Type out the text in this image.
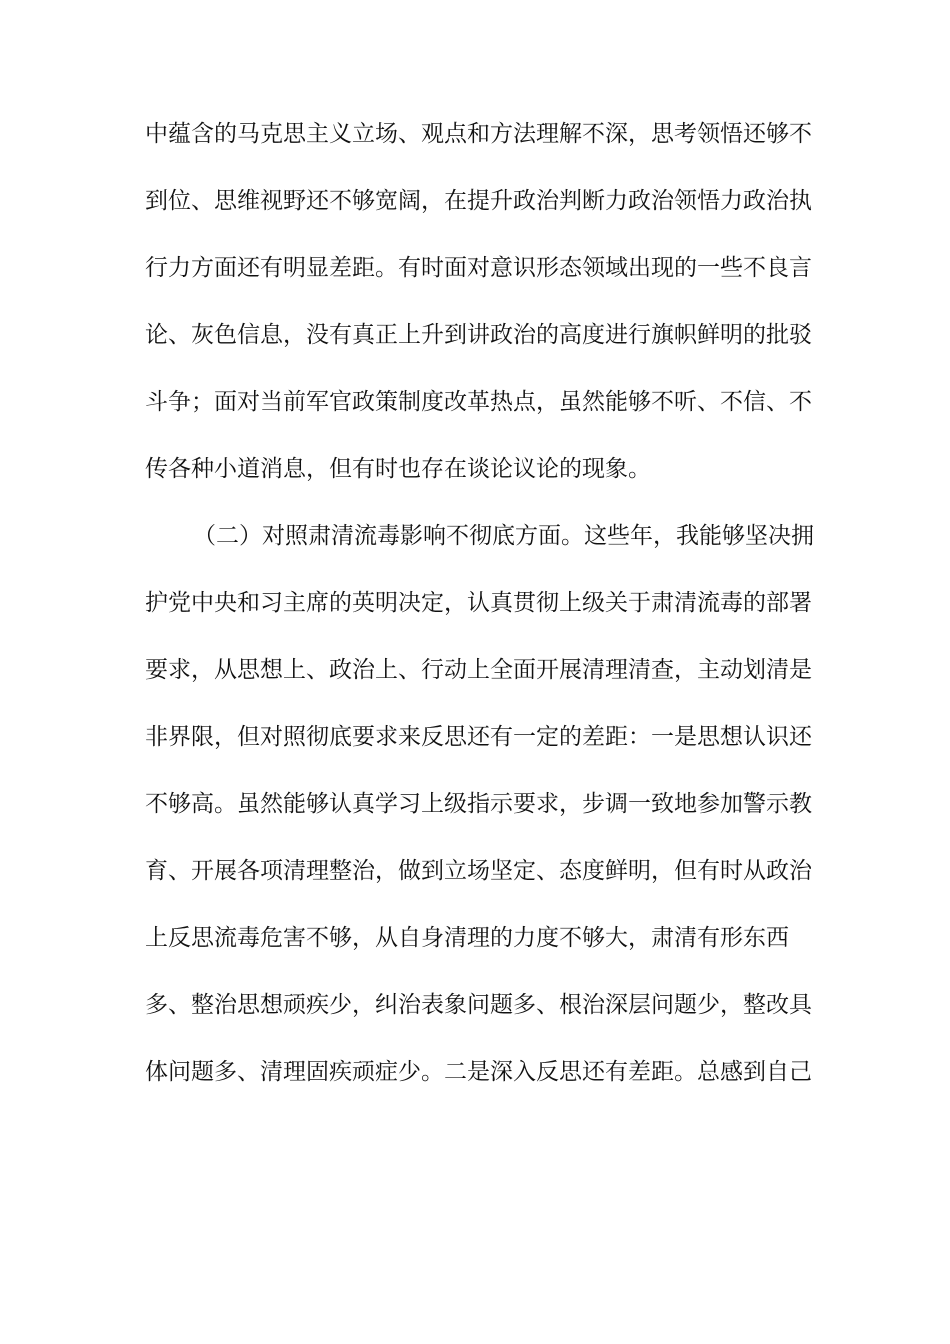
中蕴含的马克思主义立场、观点和方法理解不深，思考领悟还够不
到位、思维视野还不够宽阔，在提升政治判断力政治领悟力政治执
行力方面还有明显差距。有时面对意识形态领域出现的一些不良言
论、灰色信息，没有真正上升到讲政治的高度进行旗帜鲜明的批驳
斗争；面对当前军官政策制度改革热点，虽然能够不听、不信、不
传各种小道消息，但有时也存在谈论议论的现象。
（二）对照肃清流毒影响不彻底方面。这些年，我能够坚决拥
护党中央和习主席的英明决定，认真贯彻上级关于肃清流毒的部署
要求，从思想上、政治上、行动上全面开展清理清查，主动划清是
非界限，但对照彻底要求来反思还有一定的差距：一是思想认识还
不够高。虽然能够认真学习上级指示要求，步调一致地参加警示教
育、开展各项清理整治，做到立场坚定、态度鲜明，但有时从政治
上反思流毒危害不够，从自身清理的力度不够大，肃清有形东西
多、整治思想顽疾少，纠治表象问题多、根治深层问题少，整改具
体问题多、清理固疾顽症少。二是深入反思还有差距。总感到自己
